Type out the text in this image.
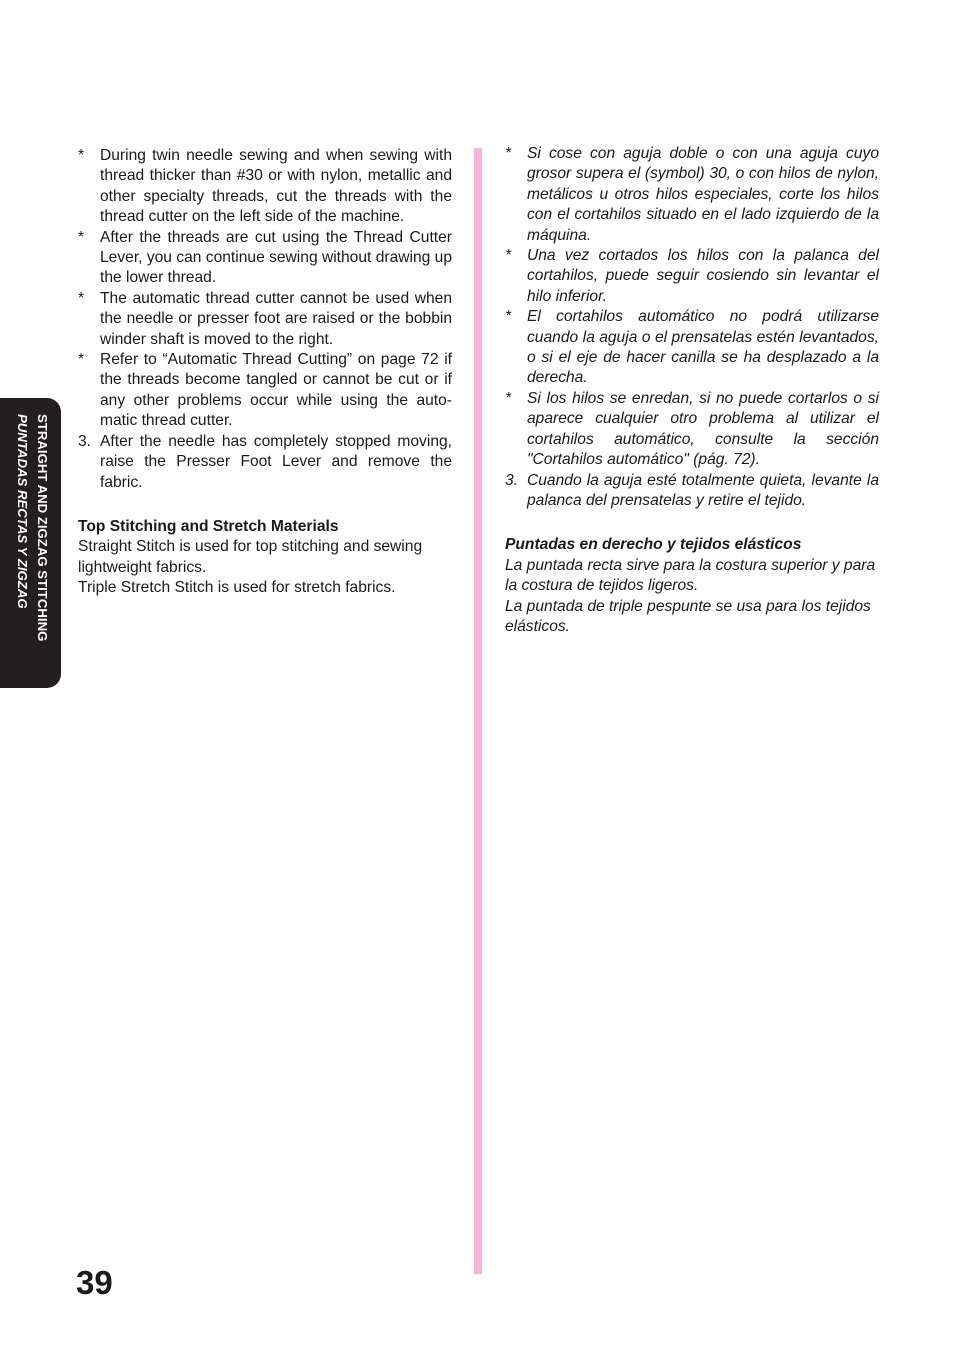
STRAIGHT AND ZIGZAG STITCHING
PUNTADAS RECTAS Y ZIGZAG
* During twin needle sewing and when sewing with thread thicker than #30 or with nylon, metallic and other specialty threads, cut the threads with the thread cutter on the left side of the machine.
* After the threads are cut using the Thread Cutter Lever, you can continue sewing without drawing up the lower thread.
* The automatic thread cutter cannot be used when the needle or presser foot are raised or the bobbin winder shaft is moved to the right.
* Refer to “Automatic Thread Cutting” on page 72 if the threads become tangled or cannot be cut or if any other problems occur while using the auto-matic thread cutter.
3. After the needle has completely stopped moving, raise the Presser Foot Lever and remove the fabric.
Top Stitching and Stretch Materials
Straight Stitch is used for top stitching and sewing lightweight fabrics.
Triple Stretch Stitch is used for stretch fabrics.
* Si cose con aguja doble o con una aguja cuyo grosor supera el (symbol) 30, o con hilos de nylon, metálicos u otros hilos especiales, corte los hilos con el cortahilos situado en el lado izquierdo de la máquina.
* Una vez cortados los hilos con la palanca del cortahilos, puede seguir cosiendo sin levantar el hilo inferior.
* El cortahilos automático no podrá utilizarse cuando la aguja o el prensatelas estén levantados, o si el eje de hacer canilla se ha desplazado a la derecha.
* Si los hilos se enredan, si no puede cortarlos o si aparece cualquier otro problema al utilizar el cortahilos automático, consulte la sección "Cortahilos automático" (pág. 72).
3. Cuando la aguja esté totalmente quieta, levante la palanca del prensatelas y retire el tejido.
Puntadas en derecho y tejidos elásticos
La puntada recta sirve para la costura superior y para la costura de tejidos ligeros.
La puntada de triple pespunte se usa para los tejidos elásticos.
39
